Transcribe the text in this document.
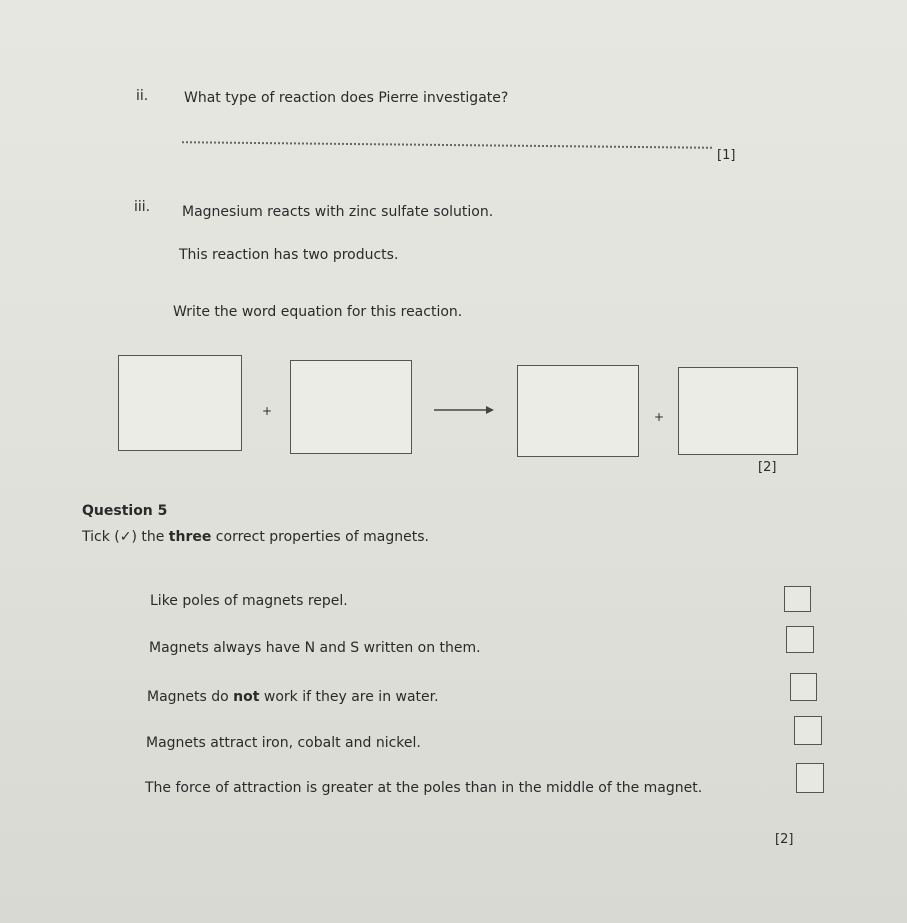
ii.	What type of reaction does Pierre investigate?
[1]
iii. Magnesium reacts with zinc sulfate solution.
This reaction has two products.
Write the word equation for this reaction.
+	+
[2]
Question 5
Tick (✓) the three correct properties of magnets.
Like poles of magnets repel.
Magnets always have N and S written on them.
Magnets do not work if they are in water.
Magnets attract iron, cobalt and nickel.
The force of attraction is greater at the poles than in the middle of the magnet.
[2]
